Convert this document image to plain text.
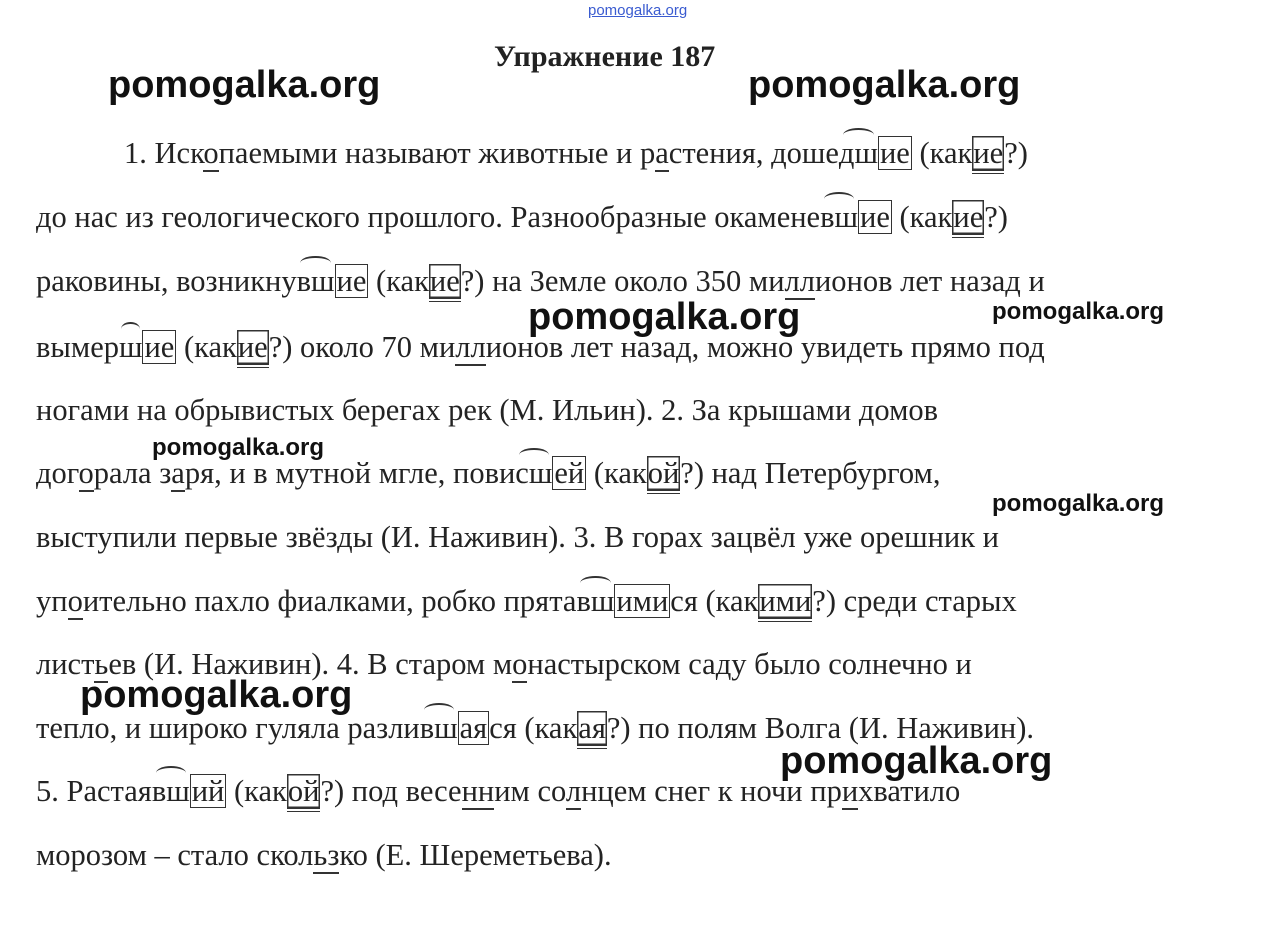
pomogalka.org
Упражнение 187
1. Ископаемыми называют животные и растения, дошедшие (какие?)
до нас из геологического прошлого. Разнообразные окаменевшие (какие?)
раковины, возникнувшие (какие?) на Земле около 350 миллионов лет назад и
вымершие (какие?) около 70 миллионов лет назад, можно увидеть прямо под
ногами на обрывистых берегах рек (М. Ильин). 2. За крышами домов
догорала заря, и в мутной мгле, повисшей (какой?) над Петербургом,
выступили первые звёзды (И. Наживин). 3. В горах зацвёл уже орешник и
упоительно пахло фиалками, робко прятавшимися (какими?) среди старых
листьев (И. Наживин). 4. В старом монастырском саду было солнечно и
тепло, и широко гуляла разлившаяся (какая?) по полям Волга (И. Наживин).
5. Растаявший (какой?) под весенним солнцем снег к ночи прихватило
морозом – стало скользко (Е. Шереметьева).
pomogalka.org	pomogalka.org
pomogalka.org	pomogalka.org
pomogalka.org
pomogalka.org
pomogalka.org
pomogalka.org
